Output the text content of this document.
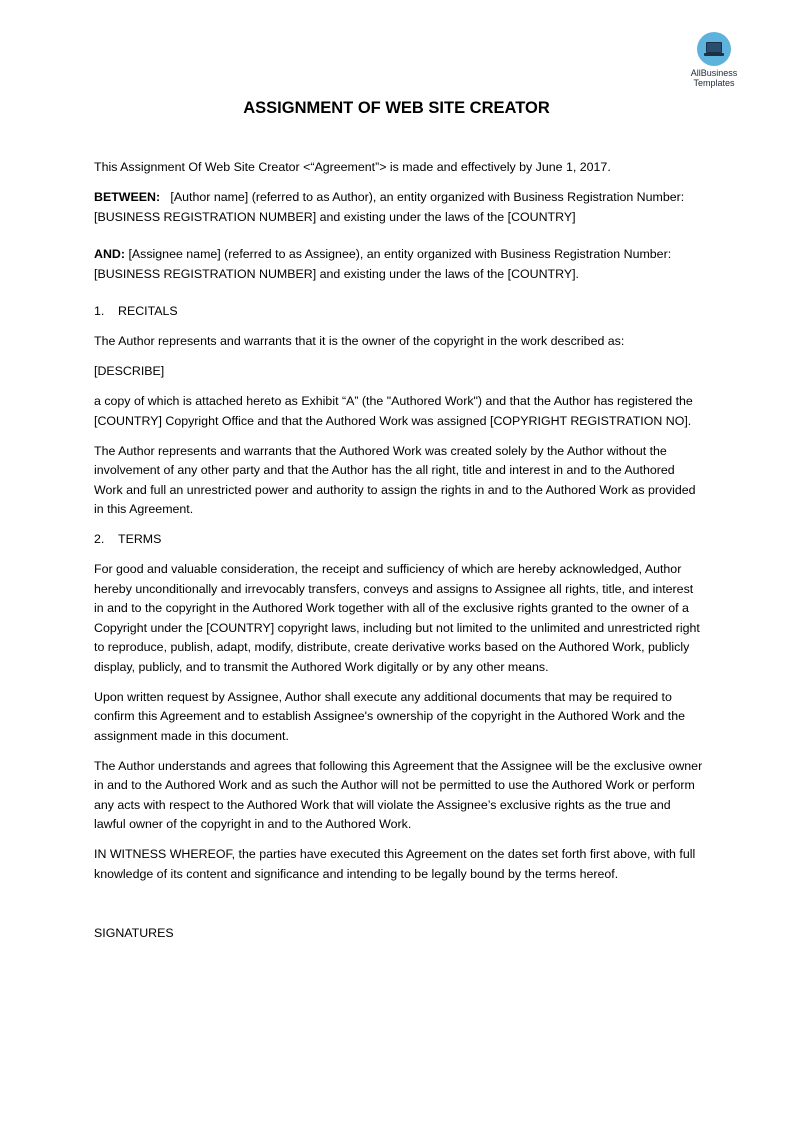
AllBusiness
Templates
ASSIGNMENT OF WEB SITE CREATOR

This Assignment Of Web Site Creator <“Agreement”> is made and effectively by June 1, 2017.

BETWEEN: [Author name] (referred to as Author), an entity organized with Business Registration Number: [BUSINESS REGISTRATION NUMBER] and existing under the laws of the [COUNTRY]

AND: [Assignee name] (referred to as Assignee), an entity organized with Business Registration Number: [BUSINESS REGISTRATION NUMBER] and existing under the laws of the [COUNTRY].

1. RECITALS

The Author represents and warrants that it is the owner of the copyright in the work described as:

[DESCRIBE]

a copy of which is attached hereto as Exhibit “A” (the "Authored Work") and that the Author has registered the [COUNTRY] Copyright Office and that the Authored Work was assigned [COPYRIGHT REGISTRATION NO].

The Author represents and warrants that the Authored Work was created solely by the Author without the involvement of any other party and that the Author has the all right, title and interest in and to the Authored Work and full an unrestricted power and authority to assign the rights in and to the Authored Work as provided in this Agreement.

2. TERMS

For good and valuable consideration, the receipt and sufficiency of which are hereby acknowledged, Author hereby unconditionally and irrevocably transfers, conveys and assigns to Assignee all rights, title, and interest in and to the copyright in the Authored Work together with all of the exclusive rights granted to the owner of a Copyright under the [COUNTRY] copyright laws, including but not limited to the unlimited and unrestricted right to reproduce, publish, adapt, modify, distribute, create derivative works based on the Authored Work, publicly display, publicly, and to transmit the Authored Work digitally or by any other means.

Upon written request by Assignee, Author shall execute any additional documents that may be required to confirm this Agreement and to establish Assignee's ownership of the copyright in the Authored Work and the assignment made in this document.

The Author understands and agrees that following this Agreement that the Assignee will be the exclusive owner in and to the Authored Work and as such the Author will not be permitted to use the Authored Work or perform any acts with respect to the Authored Work that will violate the Assignee’s exclusive rights as the true and lawful owner of the copyright in and to the Authored Work.

IN WITNESS WHEREOF, the parties have executed this Agreement on the dates set forth first above, with full knowledge of its content and significance and intending to be legally bound by the terms hereof.

SIGNATURES
